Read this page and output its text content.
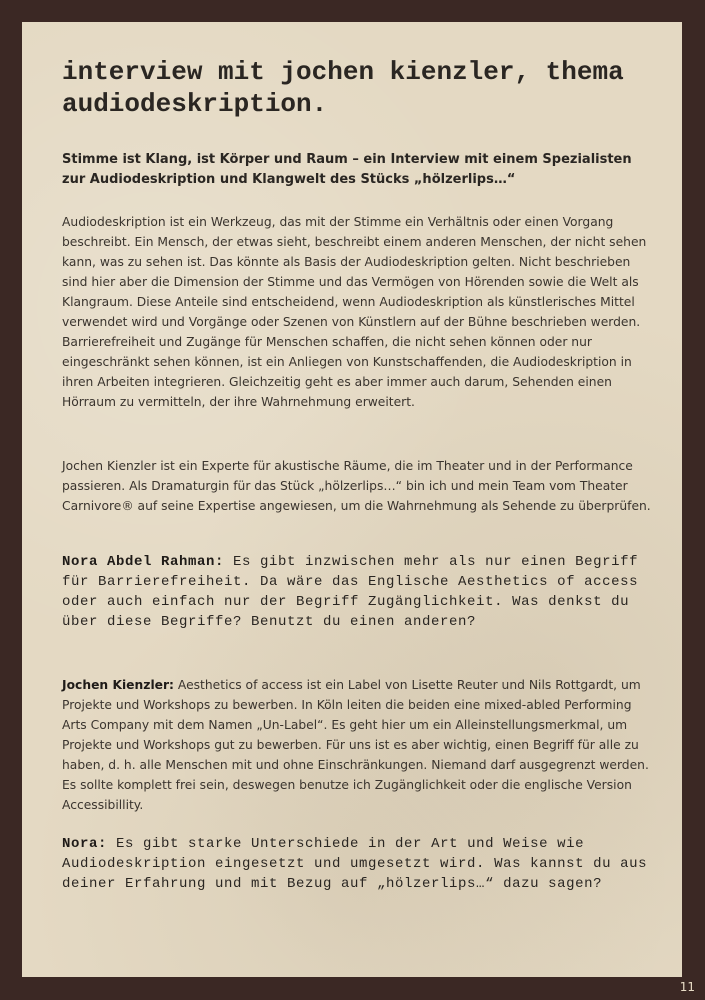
interview mit jochen kienzler, thema audiodeskription.

Stimme ist Klang, ist Körper und Raum – ein Interview mit einem Spezialisten zur Audiodeskription und Klangwelt des Stücks „hölzerlips…“

Audiodeskription ist ein Werkzeug, das mit der Stimme ein Verhältnis oder einen Vorgang beschreibt. Ein Mensch, der etwas sieht, beschreibt einem anderen Menschen, der nicht sehen kann, was zu sehen ist. Das könnte als Basis der Audiodeskription gelten. Nicht beschrieben sind hier aber die Dimension der Stimme und das Vermögen von Hörenden sowie die Welt als Klangraum. Diese Anteile sind entscheidend, wenn Audiodeskription als künstlerisches Mittel verwendet wird und Vorgänge oder Szenen von Künstlern auf der Bühne beschrieben werden. Barrierefreiheit und Zugänge für Menschen schaffen, die nicht sehen können oder nur eingeschränkt sehen können, ist ein Anliegen von Kunstschaffenden, die Audiodeskription in ihren Arbeiten integrieren. Gleichzeitig geht es aber immer auch darum, Sehenden einen Hörraum zu vermitteln, der ihre Wahrnehmung erweitert.

Jochen Kienzler ist ein Experte für akustische Räume, die im Theater und in der Performance passieren. Als Dramaturgin für das Stück „hölzerlips…“ bin ich und mein Team vom Theater Carnivore® auf seine Expertise angewiesen, um die Wahrnehmung als Sehende zu überprüfen.

Nora Abdel Rahman: Es gibt inzwischen mehr als nur einen Begriff für Barrierefreiheit. Da wäre das Englische Aesthetics of access oder auch einfach nur der Begriff Zugänglichkeit. Was denkst du über diese Begriffe? Benutzt du einen anderen?

Jochen Kienzler: Aesthetics of access ist ein Label von Lisette Reuter und Nils Rottgardt, um Projekte und Workshops zu bewerben. In Köln leiten die beiden eine mixed-abled Performing Arts Company mit dem Namen „Un-Label“. Es geht hier um ein Alleinstellungsmerkmal, um Projekte und Workshops gut zu bewerben. Für uns ist es aber wichtig, einen Begriff für alle zu haben, d. h. alle Menschen mit und ohne Einschränkungen. Niemand darf ausgegrenzt werden. Es sollte komplett frei sein, deswegen benutze ich Zugänglichkeit oder die englische Version Accessibillity.

Nora: Es gibt starke Unterschiede in der Art und Weise wie Audiodeskription eingesetzt und umgesetzt wird. Was kannst du aus deiner Erfahrung und mit Bezug auf „hölzerlips…“ dazu sagen?

11
